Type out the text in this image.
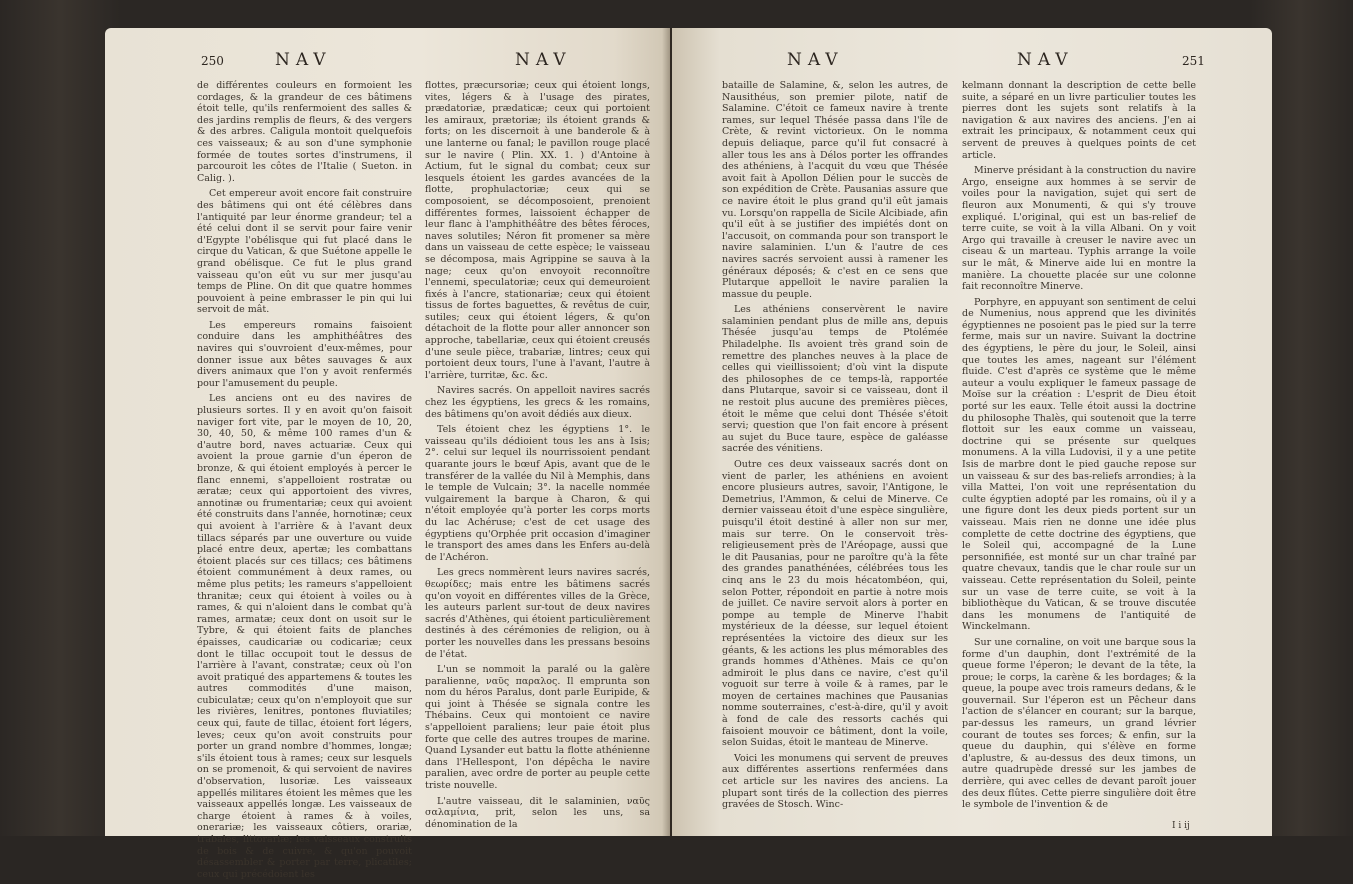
250	NAV	NAV

de différentes couleurs en formoient les cordages, & la grandeur de ces bâtimens étoit telle, qu'ils renfermoient des salles & des jardins remplis de fleurs, & des vergers & des arbres. Caligula montoit quelquefois ces vaisseaux; & au son d'une symphonie formée de toutes sortes d'instrumens, il parcouroit les côtes de l'Italie ( Sueton. in Calig. ).

Cet empereur avoit encore fait construire des bâtimens qui ont été célèbres dans l'antiquité par leur énorme grandeur; tel a été celui dont il se servit pour faire venir d'Egypte l'obélisque qui fut placé dans le cirque du Vatican, & que Suétone appelle le grand obélisque. Ce fut le plus grand vaisseau qu'on eût vu sur mer jusqu'au temps de Pline. On dit que quatre hommes pouvoient à peine embrasser le pin qui lui servoit de mât.

Les empereurs romains faisoient conduire dans les amphithéâtres des navires qui s'ouvroient d'eux-mêmes, pour donner issue aux bêtes sauvages & aux divers animaux que l'on y avoit renfermés pour l'amusement du peuple.

Les anciens ont eu des navires de plusieurs sortes. Il y en avoit qu'on faisoit naviger fort vite, par le moyen de 10, 20, 30, 40, 50, & même 100 rames d'un & d'autre bord, naves actuariæ. Ceux qui avoient la proue garnie d'un éperon de bronze, & qui étoient employés à percer le flanc ennemi, s'appelloient rostratæ ou æratæ; ceux qui apportoient des vivres, annotinæ ou frumentariæ; ceux qui avoient été construits dans l'année, hornotinæ; ceux qui avoient à l'arrière & à l'avant deux tillacs séparés par une ouverture ou vuide placé entre deux, apertæ; les combattans étoient placés sur ces tillacs; ces bâtimens étoient communément à deux rames, ou même plus petits; les rameurs s'appelloient thranitæ; ceux qui étoient à voiles ou à rames, & qui n'aloient dans le combat qu'à rames, armatæ; ceux dont on usoit sur le Tybre, & qui étoient faits de planches épaisses, caudicariæ ou codicariæ; ceux dont le tillac occupoit tout le dessus de l'arrière à l'avant, constratæ; ceux où l'on avoit pratiqué des appartemens & toutes les autres commodités d'une maison, cubiculatæ; ceux qu'on n'employoit que sur les rivières, lenitres, pontones fluviatiles; ceux qui, faute de tillac, étoient fort légers, leves; ceux qu'on avoit construits pour porter un grand nombre d'hommes, longæ; s'ils étoient tous à rames; ceux sur lesquels on se promenoit, & qui servoient de navires d'observation, lusoriæ. Les vaisseaux appellés militares étoient les mêmes que les vaisseaux appellés longæ. Les vaisseaux de charge étoient à rames & à voiles, onerariæ; les vaisseaux côtiers, orariæ, trabales, littorariæ; les vaisseaux construits de bois & de cuivre, & qu'on pouvoit désassembler & porter par terre, plicatiles; ceux qui précédoient les

flottes, præcursoriæ; ceux qui étoient longs, vites, légers & à l'usage des pirates, prædatoriæ, prædaticæ; ceux qui portoient les amiraux, prætoriæ; ils étoient grands & forts; on les discernoit à une banderole & à une lanterne ou fanal; le pavillon rouge placé sur le navire ( Plin. XX. 1. ) d'Antoine à Actium, fut le signal du combat; ceux sur lesquels étoient les gardes avancées de la flotte, prophulactoriæ; ceux qui se composoient, se décomposoient, prenoient différentes formes, laissoient échapper de leur flanc à l'amphithéâtre des bêtes féroces, naves solutiles; Néron fit promener sa mère dans un vaisseau de cette espèce; le vaisseau se décomposa, mais Agrippine se sauva à la nage; ceux qu'on envoyoit reconnoître l'ennemi, speculatoriæ; ceux qui demeuroient fixés à l'ancre, stationariæ; ceux qui étoient tissus de fortes baguettes, & revêtus de cuir, sutiles; ceux qui étoient légers, & qu'on détachoit de la flotte pour aller annoncer son approche, tabellariæ, ceux qui étoient creusés d'une seule pièce, trabariæ, lintres; ceux qui portoient deux tours, l'une à l'avant, l'autre à l'arrière, turritæ, &c. &c.

Navires sacrés. On appelloit navires sacrés chez les égyptiens, les grecs & les romains, des bâtimens qu'on avoit dédiés aux dieux.

Tels étoient chez les égyptiens 1°. le vaisseau qu'ils dédioient tous les ans à Isis; 2°. celui sur lequel ils nourrissoient pendant quarante jours le bœuf Apis, avant que de le transférer de la vallée du Nil à Memphis, dans le temple de Vulcain; 3°. la nacelle nommée vulgairement la barque à Charon, & qui n'étoit employée qu'à porter les corps morts du lac Achéruse; c'est de cet usage des égyptiens qu'Orphée prit occasion d'imaginer le transport des ames dans les Enfers au-delà de l'Achéron.

Les grecs nommèrent leurs navires sacrés, θεωρίδες; mais entre les bâtimens sacrés qu'on voyoit en différentes villes de la Grèce, les auteurs parlent sur-tout de deux navires sacrés d'Athènes, qui étoient particulièrement destinés à des cérémonies de religion, ou à porter les nouvelles dans les pressans besoins de l'état.

L'un se nommoit la paralé ou la galère paralienne, ναῦς παραλος. Il emprunta son nom du héros Paralus, dont parle Euripide, & qui joint à Thésée se signala contre les Thébains. Ceux qui montoient ce navire s'appelloient paraliens; leur paie étoit plus forte que celle des autres troupes de marine. Quand Lysander eut battu la flotte athénienne dans l'Hellespont, l'on dépêcha le navire paralien, avec ordre de porter au peuple cette triste nouvelle.

L'autre vaisseau, dit le salaminien, ναῦς σαλαμίνια, prit, selon les uns, sa dénomination de la

NAV	NAV	251

bataille de Salamine, &, selon les autres, de Nausithéus, son premier pilote, natif de Salamine. C'étoit ce fameux navire à trente rames, sur lequel Thésée passa dans l'île de Crète, & revint victorieux. On le nomma depuis deliaque, parce qu'il fut consacré à aller tous les ans à Délos porter les offrandes des athéniens, à l'acquit du vœu que Thésée avoit fait à Apollon Délien pour le succès de son expédition de Crète. Pausanias assure que ce navire étoit le plus grand qu'il eût jamais vu. Lorsqu'on rappella de Sicile Alcibiade, afin qu'il eût à se justifier des impiétés dont on l'accusoit, on commanda pour son transport le navire salaminien. L'un & l'autre de ces navires sacrés servoient aussi à ramener les généraux déposés; & c'est en ce sens que Plutarque appelloit le navire paralien la massue du peuple.

Les athéniens conservèrent le navire salaminien pendant plus de mille ans, depuis Thésée jusqu'au temps de Ptolémée Philadelphe. Ils avoient très grand soin de remettre des planches neuves à la place de celles qui vieillissoient; d'où vint la dispute des philosophes de ce temps-là, rapportée dans Plutarque, savoir si ce vaisseau, dont il ne restoit plus aucune des premières pièces, étoit le même que celui dont Thésée s'étoit servi; question que l'on fait encore à présent au sujet du Buce taure, espèce de galéasse sacrée des vénitiens.

Outre ces deux vaisseaux sacrés dont on vient de parler, les athéniens en avoient encore plusieurs autres, savoir, l'Antigone, le Demetrius, l'Ammon, & celui de Minerve. Ce dernier vaisseau étoit d'une espèce singulière, puisqu'il étoit destiné à aller non sur mer, mais sur terre. On le conservoit très-religieusement près de l'Aréopage, aussi que le dit Pausanias, pour ne paroître qu'à la fête des grandes panathénées, célébrées tous les cinq ans le 23 du mois hécatombéon, qui, selon Potter, répondoit en partie à notre mois de juillet. Ce navire servoit alors à porter en pompe au temple de Minerve l'habit mystérieux de la déesse, sur lequel étoient représentées la victoire des dieux sur les géants, & les actions les plus mémorables des grands hommes d'Athènes. Mais ce qu'on admiroit le plus dans ce navire, c'est qu'il voguoit sur terre à voile & à rames, par le moyen de certaines machines que Pausanias nomme souterraines, c'est-à-dire, qu'il y avoit à fond de cale des ressorts cachés qui faisoient mouvoir ce bâtiment, dont la voile, selon Suidas, étoit le manteau de Minerve.

Voici les monumens qui servent de preuves aux différentes assertions renfermées dans cet article sur les navires des anciens. La plupart sont tirés de la collection des pierres gravées de Stosch. Winc-

kelmann donnant la description de cette belle suite, a séparé en un livre particulier toutes les pierres dont les sujets sont relatifs à la navigation & aux navires des anciens. J'en ai extrait les principaux, & notamment ceux qui servent de preuves à quelques points de cet article.

Minerve présidant à la construction du navire Argo, enseigne aux hommes à se servir de voiles pour la navigation, sujet qui sert de fleuron aux Monumenti, & qui s'y trouve expliqué. L'original, qui est un bas-relief de terre cuite, se voit à la villa Albani. On y voit Argo qui travaille à creuser le navire avec un ciseau & un marteau. Typhis arrange la voile sur le mât, & Minerve aide lui en montre la manière. La chouette placée sur une colonne fait reconnoître Minerve.

Porphyre, en appuyant son sentiment de celui de Numenius, nous apprend que les divinités égyptiennes ne posoient pas le pied sur la terre ferme, mais sur un navire. Suivant la doctrine des égyptiens, le père du jour, le Soleil, ainsi que toutes les ames, nageant sur l'élément fluide. C'est d'après ce système que le même auteur a voulu expliquer le fameux passage de Moïse sur la création : L'esprit de Dieu étoit porté sur les eaux. Telle étoit aussi la doctrine du philosophe Thalès, qui soutenoit que la terre flottoit sur les eaux comme un vaisseau, doctrine qui se présente sur quelques monumens. A la villa Ludovisi, il y a une petite Isis de marbre dont le pied gauche repose sur un vaisseau & sur des bas-reliefs arrondies; à la villa Mattei, l'on voit une représentation du culte égyptien adopté par les romains, où il y a une figure dont les deux pieds portent sur un vaisseau. Mais rien ne donne une idée plus complette de cette doctrine des égyptiens, que le Soleil qui, accompagné de la Lune personnifiée, est monté sur un char traîné par quatre chevaux, tandis que le char roule sur un vaisseau. Cette représentation du Soleil, peinte sur un vase de terre cuite, se voit à la bibliothèque du Vatican, & se trouve discutée dans les monumens de l'antiquité de Winckelmann.

Sur une cornaline, on voit une barque sous la forme d'un dauphin, dont l'extrémité de la queue forme l'éperon; le devant de la tête, la proue; le corps, la carène & les bordages; & la queue, la poupe avec trois rameurs dedans, & le gouvernail. Sur l'éperon est un Pêcheur dans l'action de s'élancer en courant; sur la barque, par-dessus les rameurs, un grand lévrier courant de toutes ses forces; & enfin, sur la queue du dauphin, qui s'élève en forme d'aplustre, & au-dessus des deux timons, un autre quadrupède dressé sur les jambes de derrière, qui avec celles de devant paroît jouer des deux flûtes. Cette pierre singulière doit être le symbole de l'invention & de

I i ij
